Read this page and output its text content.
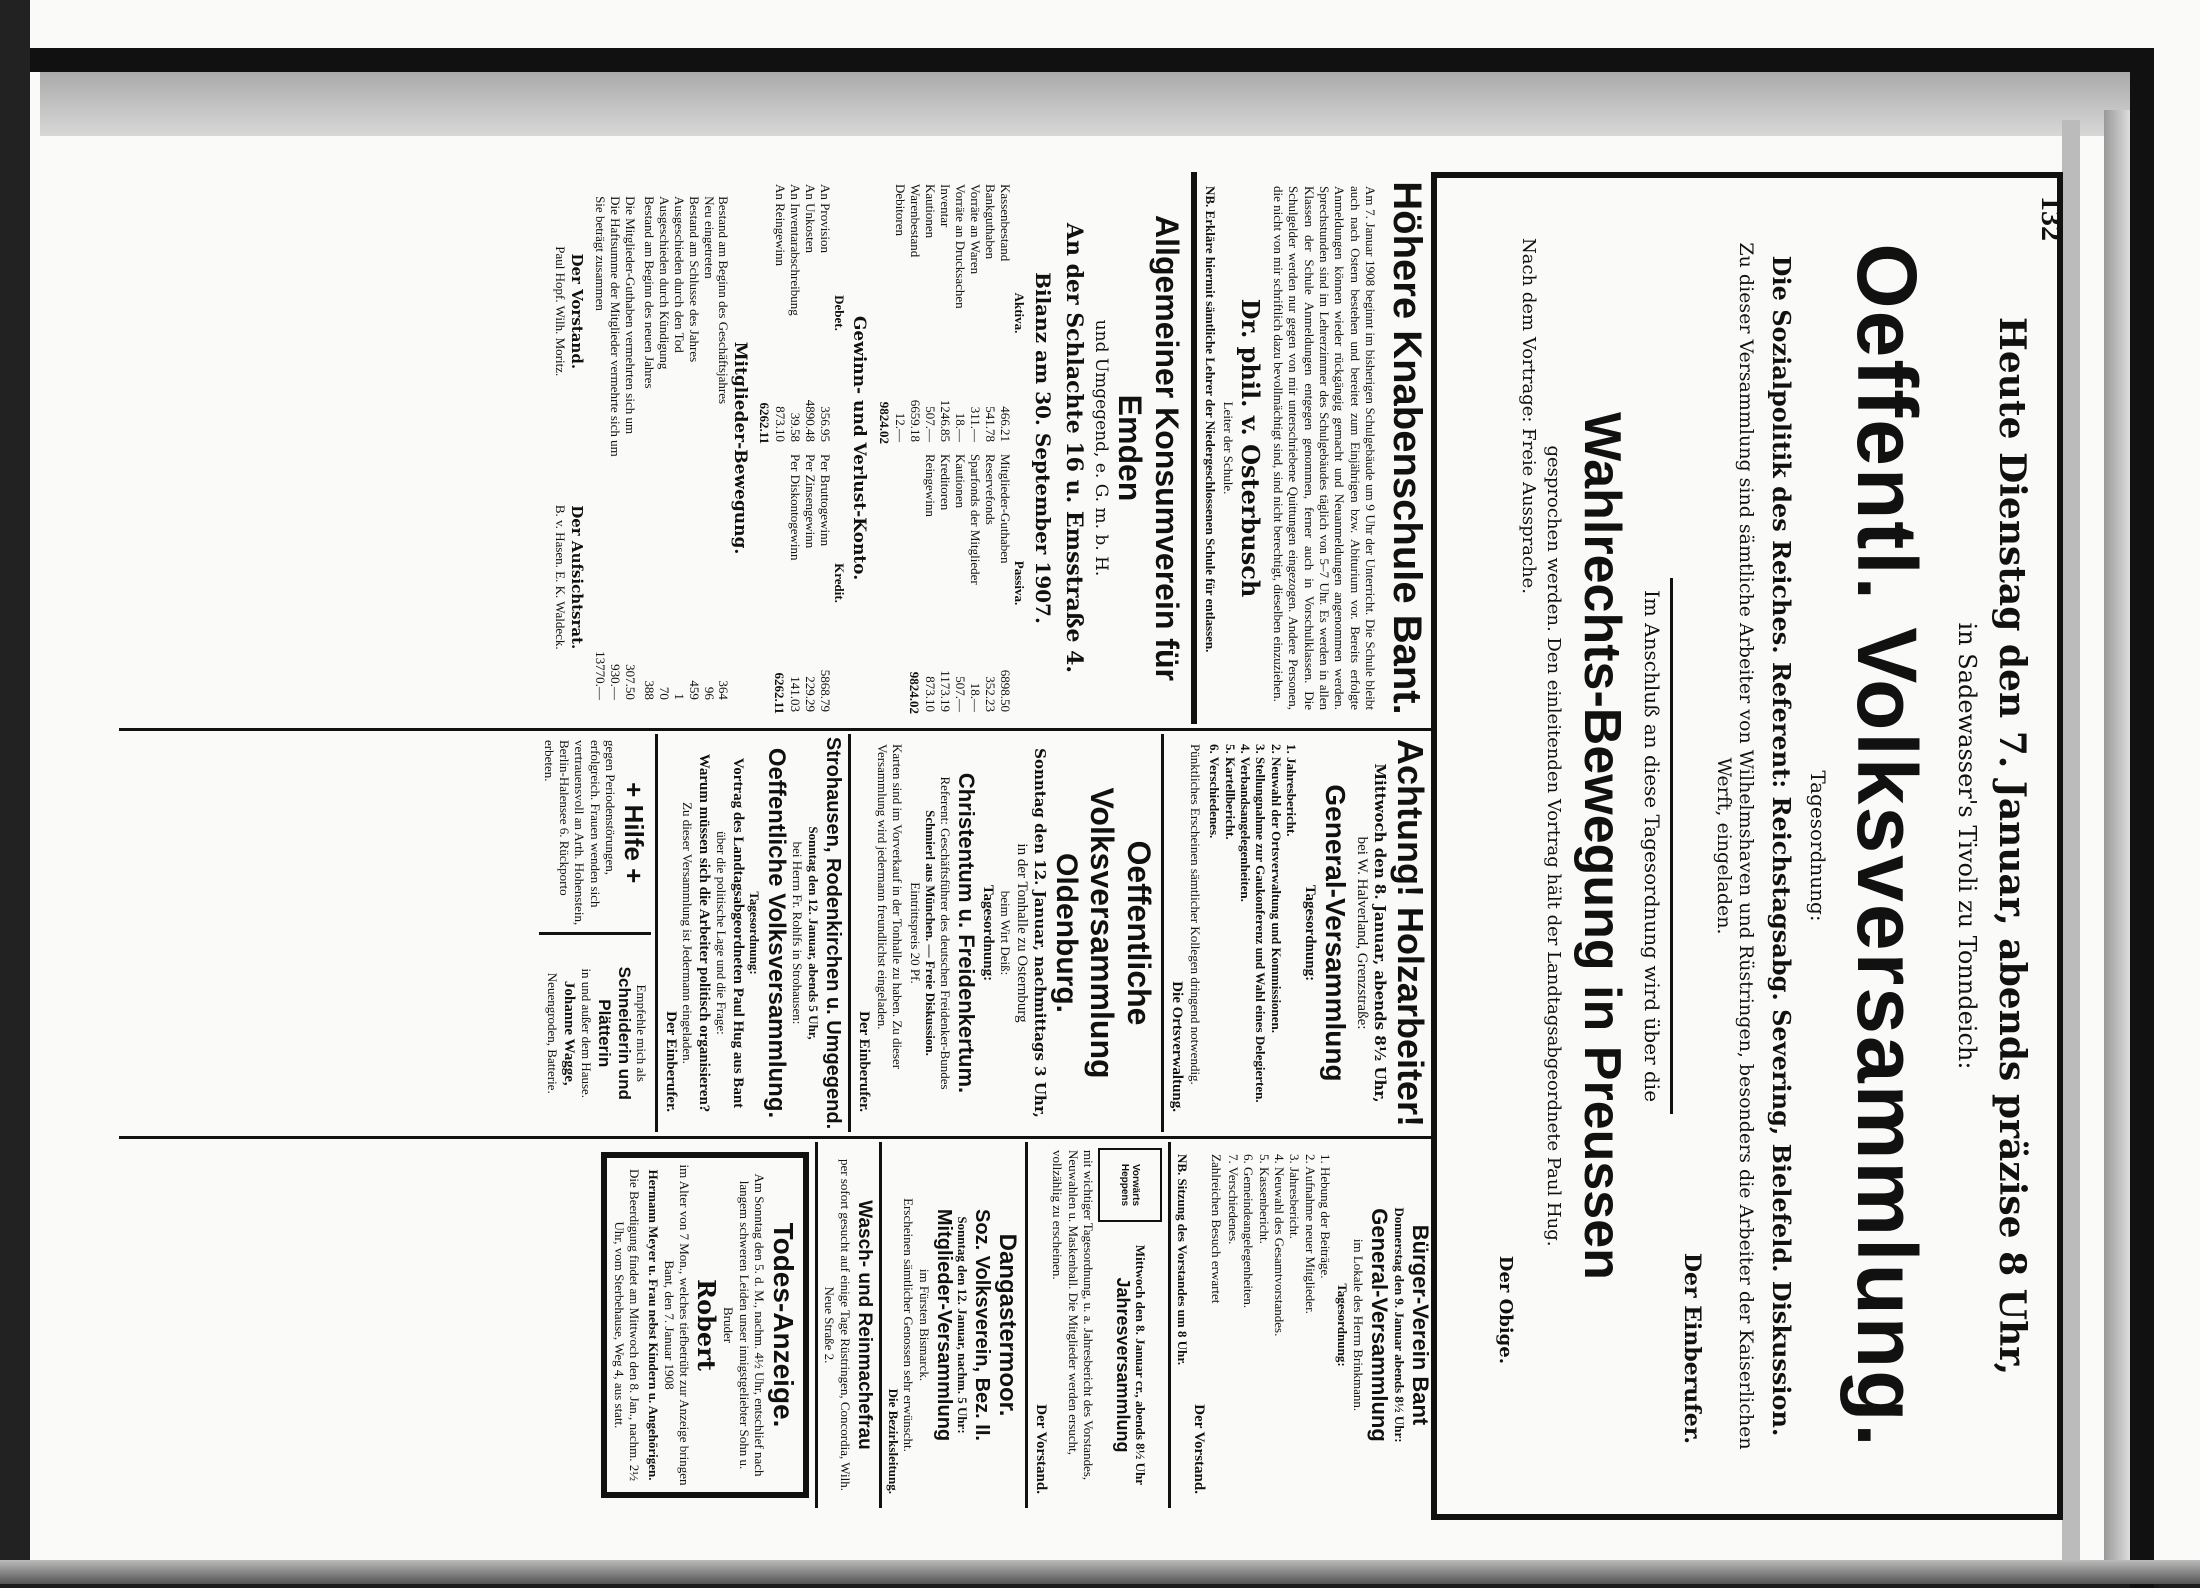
132
Heute Dienstag den 7. Januar, abends präzise 8 Uhr,
in Sadewasser's Tivoli zu Tonndeich:
Oeffentl. Volksversammlung.
Tagesordnung:
Die Sozialpolitik des Reiches. Referent: Reichstagsabg. Severing, Bielefeld. Diskussion.
Zu dieser Versammlung sind sämtliche Arbeiter von Wilhelmshaven und Rüstringen, besonders die Arbeiter der Kaiserlichen Werft, eingeladen.
Der Einberufer.
Im Anschluß an diese Tagesordnung wird über die
Wahlrechts-Bewegung in Preussen
gesprochen werden. Den einleitenden Vortrag hält der Landtagsabgeordnete Paul Hug.
Nach dem Vortrage: Freie Aussprache.
Der Obige.
Höhere Knabenschule Bant.
Am 7. Januar 1908 beginnt im bisherigen Schulgebäude um 9 Uhr der Unterricht. Die Schule bleibt auch nach Ostern bestehen und bereitet zum Einjährigen bzw. Abiturium vor. Bereits erfolgte Anmeldungen können wieder rückgängig gemacht und Neuanmeldungen angenommen werden. Sprechstunden sind im Lehrerzimmer des Schulgebäudes täglich von 5–7 Uhr. Es werden in allen Klassen der Schule Anmeldungen entgegen genommen, ferner auch in Vorschulklassen. Die Schulgelder werden nur gegen von mir unterschriebene Quittungen eingezogen. Andere Personen, die nicht von mir schriftlich dazu bevollmächtigt sind, sind nicht berechtigt, dieselben einzuziehen.
Dr. phil. v. Osterbusch
Leiter der Schule.
NB. Erkläre hiermit sämtliche Lehrer der Niedergeschlossenen Schule für entlassen.
Allgemeiner Konsumverein für Emden
und Umgegend, e. G. m. b. H.
An der Schlachte 16 u. Emsstraße 4.
Bilanz am 30. September 1907.
Aktiva.
Kassenbestand	466.21
Bankguthaben	541.78
Vorräte an Waren	311.—
Vorräte an Drucksachen	18.—
Inventar	1246.85
Kautionen	507.—
Warenbestand	6659.18
Debitoren	12.—
9824.02
Passiva.
Mitglieder-Guthaben	6898.50
Reservefonds	352.23
Sparfonds der Mitglieder	18.—
Kautionen	507.—
Kreditoren	1173.19
Reingewinn	873.10
9824.02
Gewinn- und Verlust-Konto.
Debet.
An Provision	356.95
An Unkosten	4890.48
An Inventarabschreibung	39.58
An Reingewinn	873.10
6262.11
Kredit.
Per Bruttogewinn	5868.79
Per Zinsengewinn	229.29
Per Diskontogewinn	141.03
6262.11
Mitglieder-Bewegung.
Bestand am Beginn des Geschäftsjahres	364
Neu eingetreten	96
Bestand am Schlusse des Jahres	459
Ausgeschieden durch den Tod	1
Ausgeschieden durch Kündigung	70
Bestand am Beginn des neuen Jahres	388
Die Mitglieder-Guthaben vermehrten sich um	307.50
Die Haftsumme der Mitglieder vermehrte sich um	930.—
Sie beträgt zusammen	13770.—
Der Vorstand.
Paul Hopf. Wilh. Moritz.
Der Aufsichtsrat.
B. v. Hasen. E. K. Waldeck.
Achtung! Holzarbeiter!
Mittwoch den 8. Januar, abends 8½ Uhr,
bei W. Halverland, Grenzstraße:
General-Versammlung
Tagesordnung:
1. Jahresbericht.
2. Neuwahl der Ortsverwaltung und Kommissionen.
3. Stellungnahme zur Gaukonferenz und Wahl eines Delegierten.
4. Verbandsangelegenheiten.
5. Kartellbericht.
6. Verschiedenes.
Pünktliches Erscheinen sämtlicher Kollegen dringend notwendig.
Die Ortsverwaltung.
Oeffentliche Volksversammlung
Oldenburg.
Sonntag den 12. Januar, nachmittags 3 Uhr,
in der Tonhalle zu Osternburg
beim Wirt Deiß:
Tagesordnung:
Christentum u. Freidenkertum.
Referent: Geschäftsführer des deutschen Freidenker-Bundes
Schmierl aus München. — Freie Diskussion.
Eintrittspreis 20 Pf.
Karten sind im Vorverkauf in der Tonhalle zu haben. Zu dieser Versammlung wird jedermann freundlichst eingeladen.
Der Einberufer.
Strohausen, Rodenkirchen u. Umgegend.
Sonntag den 12. Januar, abends 5 Uhr,
bei Herrn Fr. Rohlfs in Strohausen:
Oeffentliche Volksversammlung.
Tagesordnung:
Vortrag des Landtagsabgeordneten Paul Hug aus Bant
über die politische Lage und die Frage:
Warum müssen sich die Arbeiter politisch organisieren?
Zu dieser Versammlung ist Jedermann eingeladen.
Der Einberufer.
+ Hilfe +
gegen Periodenstörungen, erfolgreich. Frauen wenden sich vertrauensvoll an Arth. Hohenstein, Berlin-Halensee 6. Rückporto erbeten.
Empfehle mich als
Schneiderin und Plätterin
in und außer dem Hause.
Johanne Wagge,
Neuengroden, Batterie.
Bürger-Verein Bant
Donnerstag den 9. Januar abends 8½ Uhr:
General-Versammlung
im Lokale des Herrn Brinkmann.
Tagesordnung:
1. Hebung der Beiträge.
2. Aufnahme neuer Mitglieder.
3. Jahresbericht.
4. Neuwahl des Gesamtvorstandes.
5. Kassenbericht.
6. Gemeindeangelegenheiten.
7. Verschiedenes.
Zahlreichen Besuch erwartet
Der Vorstand.
NB. Sitzung des Vorstandes um 8 Uhr.
Vorwärts Heppens
Mittwoch den 8. Januar cr., abends 8½ Uhr
Jahresversammlung
mit wichtiger Tagesordnung, u. a. Jahresbericht des Vorstandes, Neuwahlen u. Maskenball. Die Mitglieder werden ersucht, vollzählig zu erscheinen.
Der Vorstand.
Dangastermoor.
Soz. Volksverein, Bez. II.
Sonntag den 12. Januar, nachm. 5 Uhr:
Mitglieder-Versammlung
im Fürsten Bismarck.
Erscheinen sämtlicher Genossen sehr erwünscht.
Die Bezirksleitung.
Wasch- und Reinmachefrau
per sofort gesucht auf einige Tage Rüstringen, Concordia, Wilh. Neue Straße 2.
Todes-Anzeige.
Am Sonntag den 5. d. M., nachm. 4½ Uhr, entschlief nach langem schweren Leiden unser innigstgeliebter Sohn u. Bruder
Robert
im Alter von 7 Mon., welches tiefbetrübt zur Anzeige bringen Bant, den 7. Januar 1908
Hermann Meyer u. Frau nebst Kindern u. Angehörigen.
Die Beerdigung findet am Mittwoch den 8. Jan., nachm. 2½ Uhr, vom Sterbehause, Weg 4, aus statt.
